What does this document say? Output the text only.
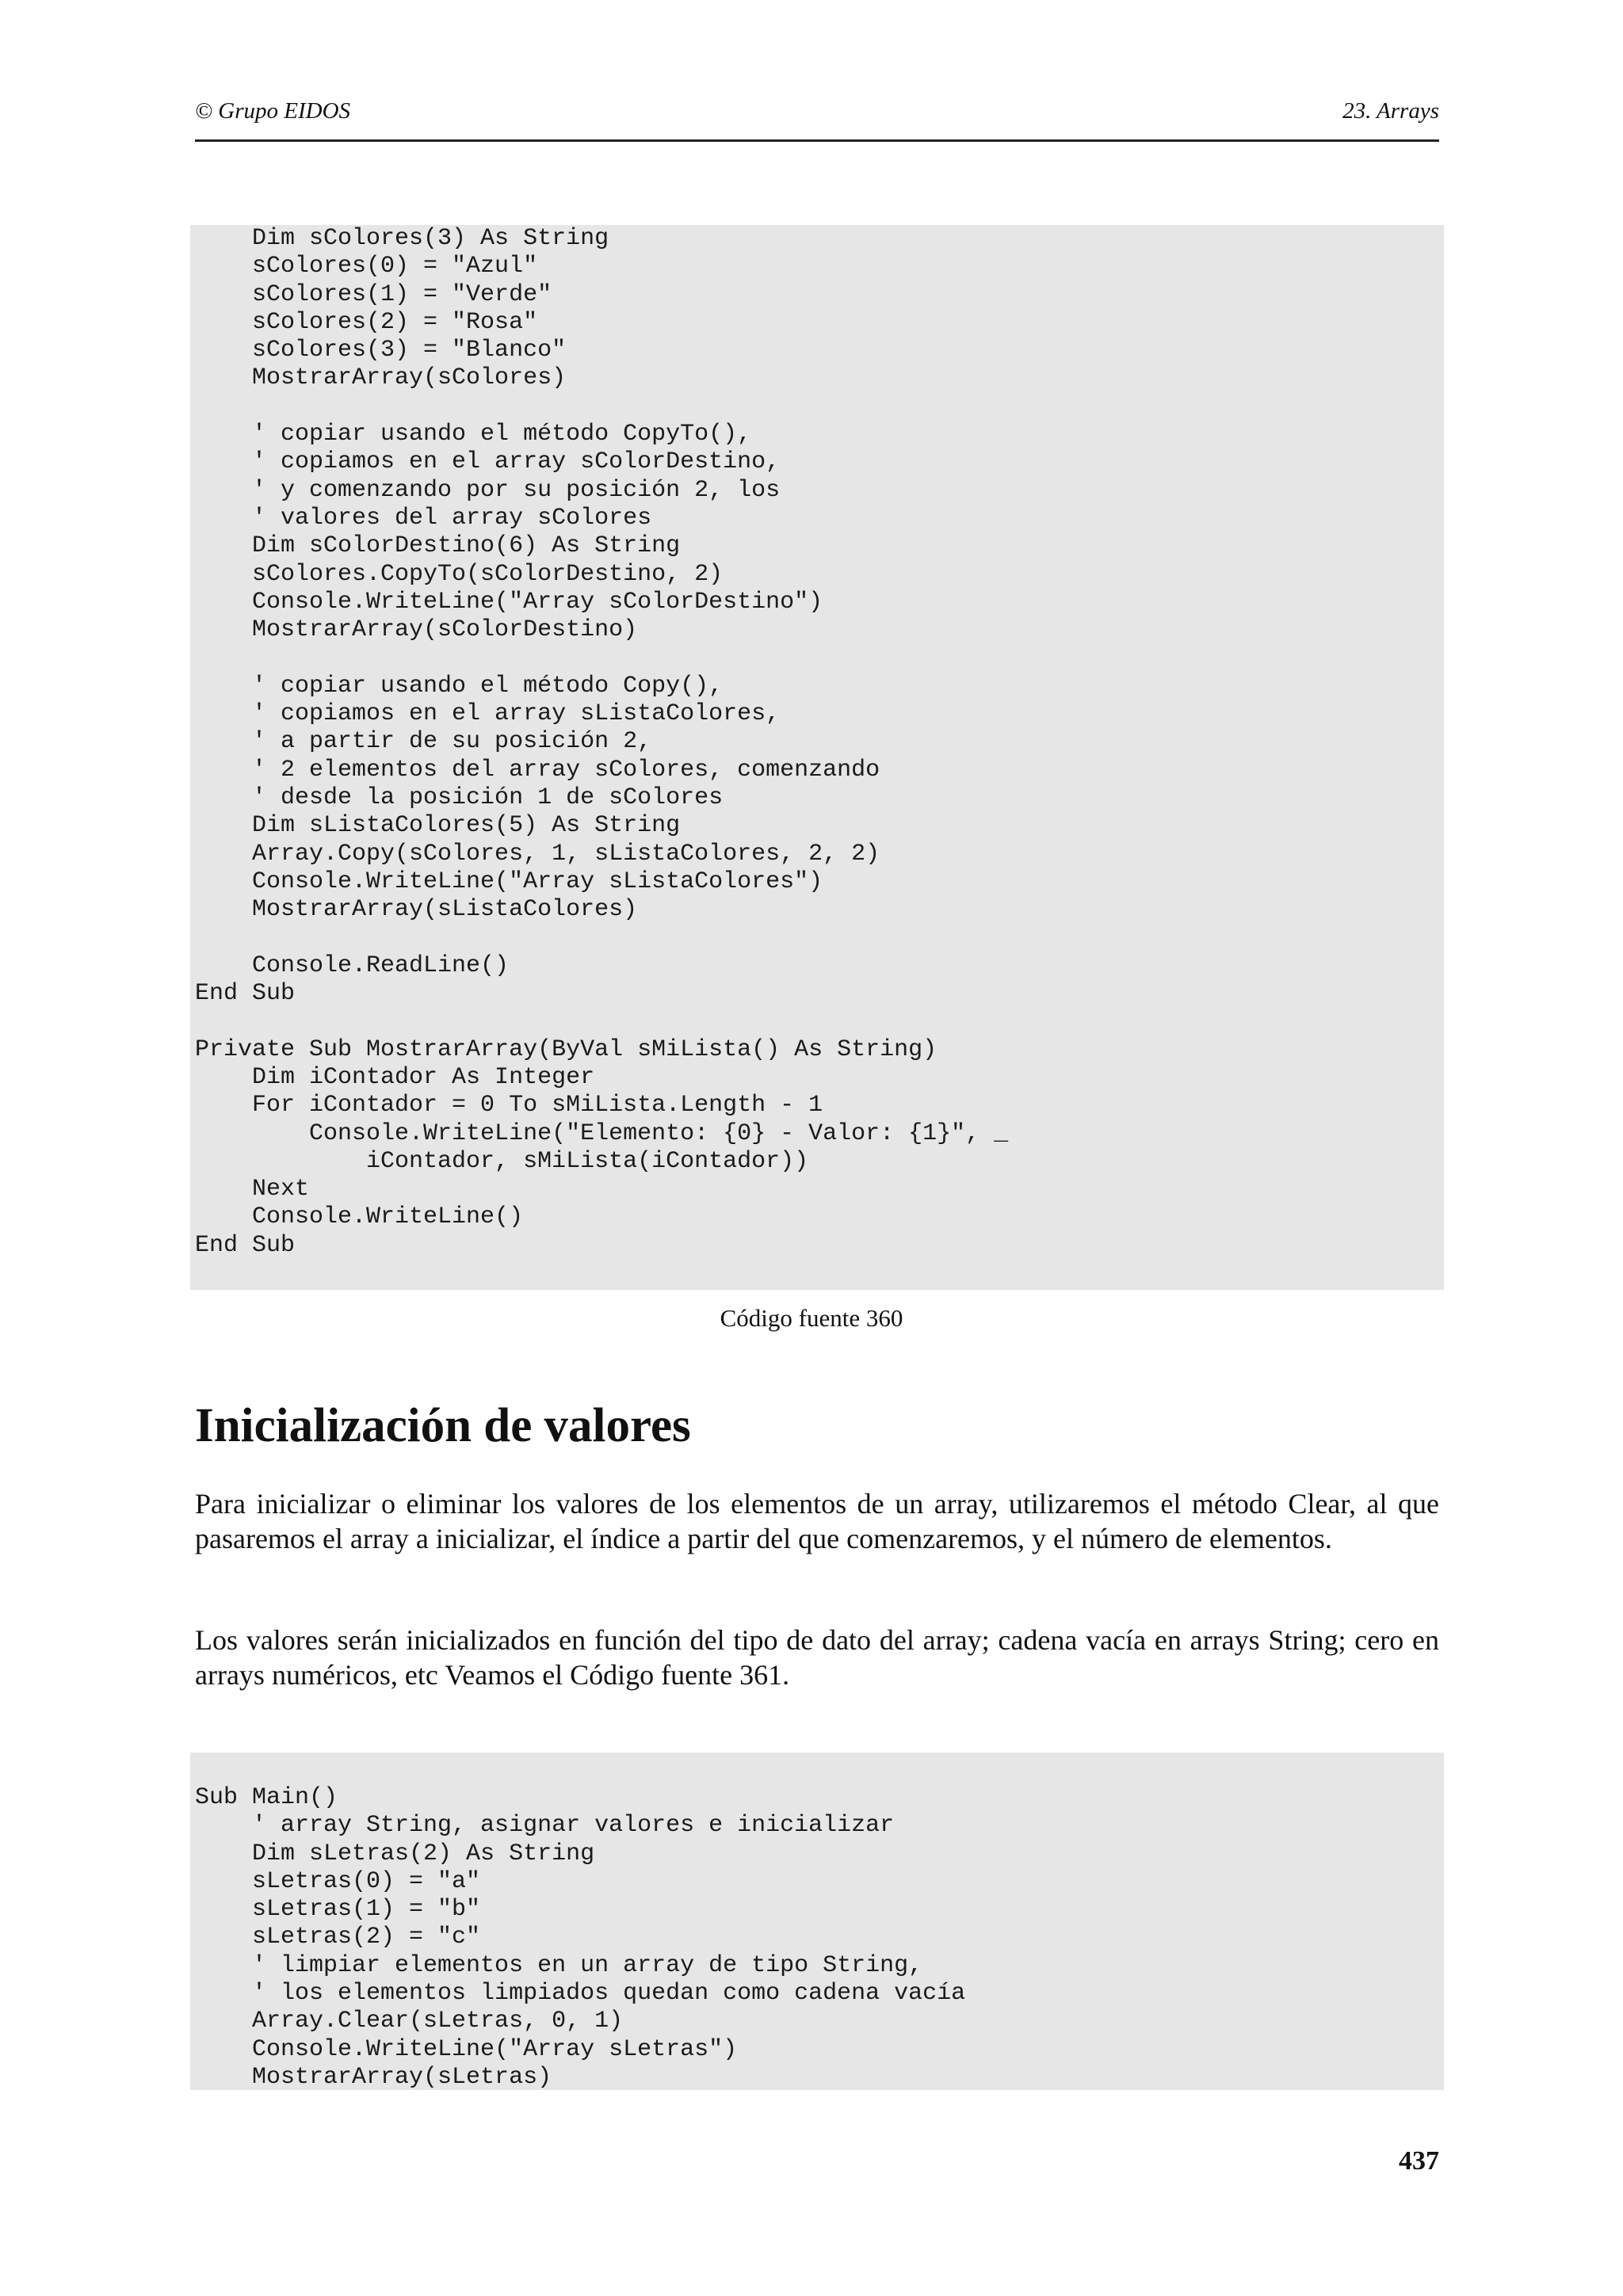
© Grupo EIDOS	23. Arrays
Dim sColores(3) As String
sColores(0) = "Azul"
sColores(1) = "Verde"
sColores(2) = "Rosa"
sColores(3) = "Blanco"
MostrarArray(sColores)

' copiar usando el método CopyTo(),
' copiamos en el array sColorDestino,
' y comenzando por su posición 2, los
' valores del array sColores
Dim sColorDestino(6) As String
sColores.CopyTo(sColorDestino, 2)
Console.WriteLine("Array sColorDestino")
MostrarArray(sColorDestino)

' copiar usando el método Copy(),
' copiamos en el array sListaColores,
' a partir de su posición 2,
' 2 elementos del array sColores, comenzando
' desde la posición 1 de sColores
Dim sListaColores(5) As String
Array.Copy(sColores, 1, sListaColores, 2, 2)
Console.WriteLine("Array sListaColores")
MostrarArray(sListaColores)

Console.ReadLine()
End Sub

Private Sub MostrarArray(ByVal sMiLista() As String)
Dim iContador As Integer
For iContador = 0 To sMiLista.Length - 1
Console.WriteLine("Elemento: {0} - Valor: {1}", _
iContador, sMiLista(iContador))
Next
Console.WriteLine()
End Sub
Código fuente 360
Inicialización de valores

Para inicializar o eliminar los valores de los elementos de un array, utilizaremos el método Clear, al que pasaremos el array a inicializar, el índice a partir del que comenzaremos, y el número de elementos.

Los valores serán inicializados en función del tipo de dato del array; cadena vacía en arrays String; cero en arrays numéricos, etc Veamos el Código fuente 361.

Sub Main()
' array String, asignar valores e inicializar
Dim sLetras(2) As String
sLetras(0) = "a"
sLetras(1) = "b"
sLetras(2) = "c"
' limpiar elementos en un array de tipo String,
' los elementos limpiados quedan como cadena vacía
Array.Clear(sLetras, 0, 1)
Console.WriteLine("Array sLetras")
MostrarArray(sLetras)
437
